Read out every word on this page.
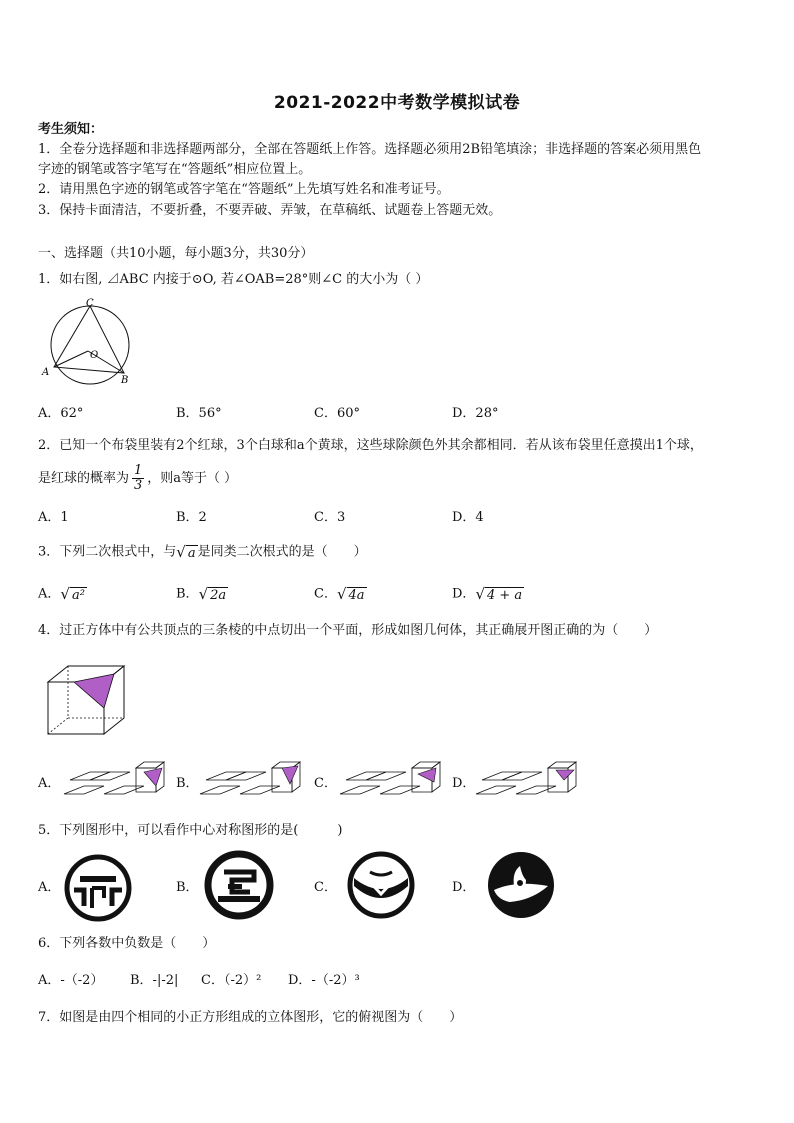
2021-2022中考数学模拟试卷
考生须知：
1．全卷分选择题和非选择题两部分，全部在答题纸上作答。选择题必须用2B铅笔填涂；非选择题的答案必须用黑色
字迹的钢笔或答字笔写在“答题纸”相应位置上。
2．请用黑色字迹的钢笔或答字笔在“答题纸”上先填写姓名和准考证号。
3．保持卡面清洁，不要折叠，不要弄破、弄皱，在草稿纸、试题卷上答题无效。
一、选择题（共10小题，每小题3分，共30分）
1．如右图, ⊿ABC 内接于⊙O, 若∠OAB=28°则∠C 的大小为（ ）
C
O
A
B
A．62°	B．56°	C．60°	D．28°
2．已知一个布袋里装有2个红球，3个白球和a个黄球，这些球除颜色外其余都相同．若从该布袋里任意摸出1个球，
是红球的概率为 $\frac{1}{3}$ ，则a等于（ ）
A．1	B．2	C．3	D．4
3．下列二次根式中，与 √ a 是同类二次根式的是（　　）
A． √ a²	B． √ 2a	C． √ 4a	D． √ 4 + a
4．过正方体中有公共顶点的三条棱的中点切出一个平面，形成如图几何体，其正确展开图正确的为（　　）
A．	B．	C．	D．
5．下列图形中，可以看作中心对称图形的是(　　　)
A．	B．	C．	D．
6．下列各数中负数是（　　）
A．-（-2） B．-|-2| C．（-2）² D．-（-2）³
7．如图是由四个相同的小正方形组成的立体图形，它的俯视图为（　　）
